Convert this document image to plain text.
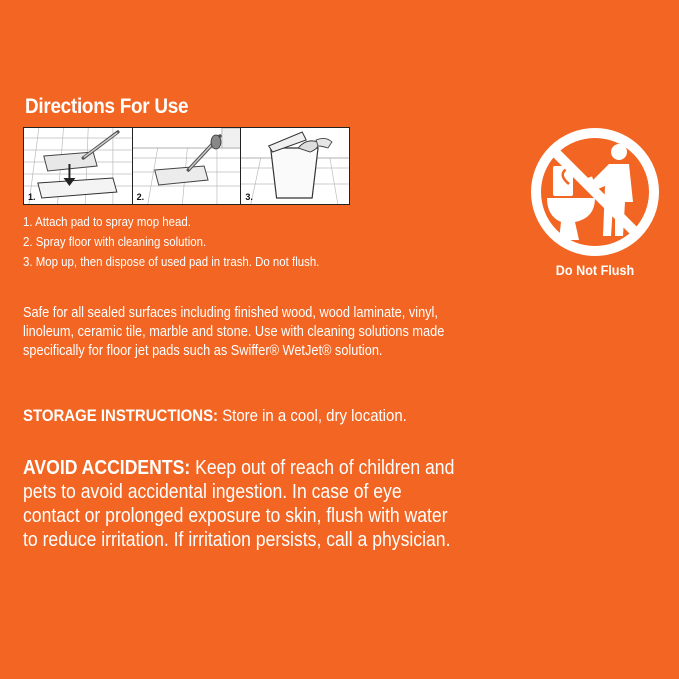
Directions For Use
1.	2.	3.
1. Attach pad to spray mop head.
2. Spray floor with cleaning solution.
3. Mop up, then dispose of used pad in trash. Do not flush.

Safe for all sealed surfaces including finished wood, wood laminate, vinyl, linoleum, ceramic tile, marble and stone. Use with cleaning solutions made specifically for floor jet pads such as Swiffer® WetJet® solution.

STORAGE INSTRUCTIONS: Store in a cool, dry location.

AVOID ACCIDENTS: Keep out of reach of children and pets to avoid accidental ingestion. In case of eye contact or prolonged exposure to skin, flush with water to reduce irritation. If irritation persists, call a physician.

Do Not Flush
